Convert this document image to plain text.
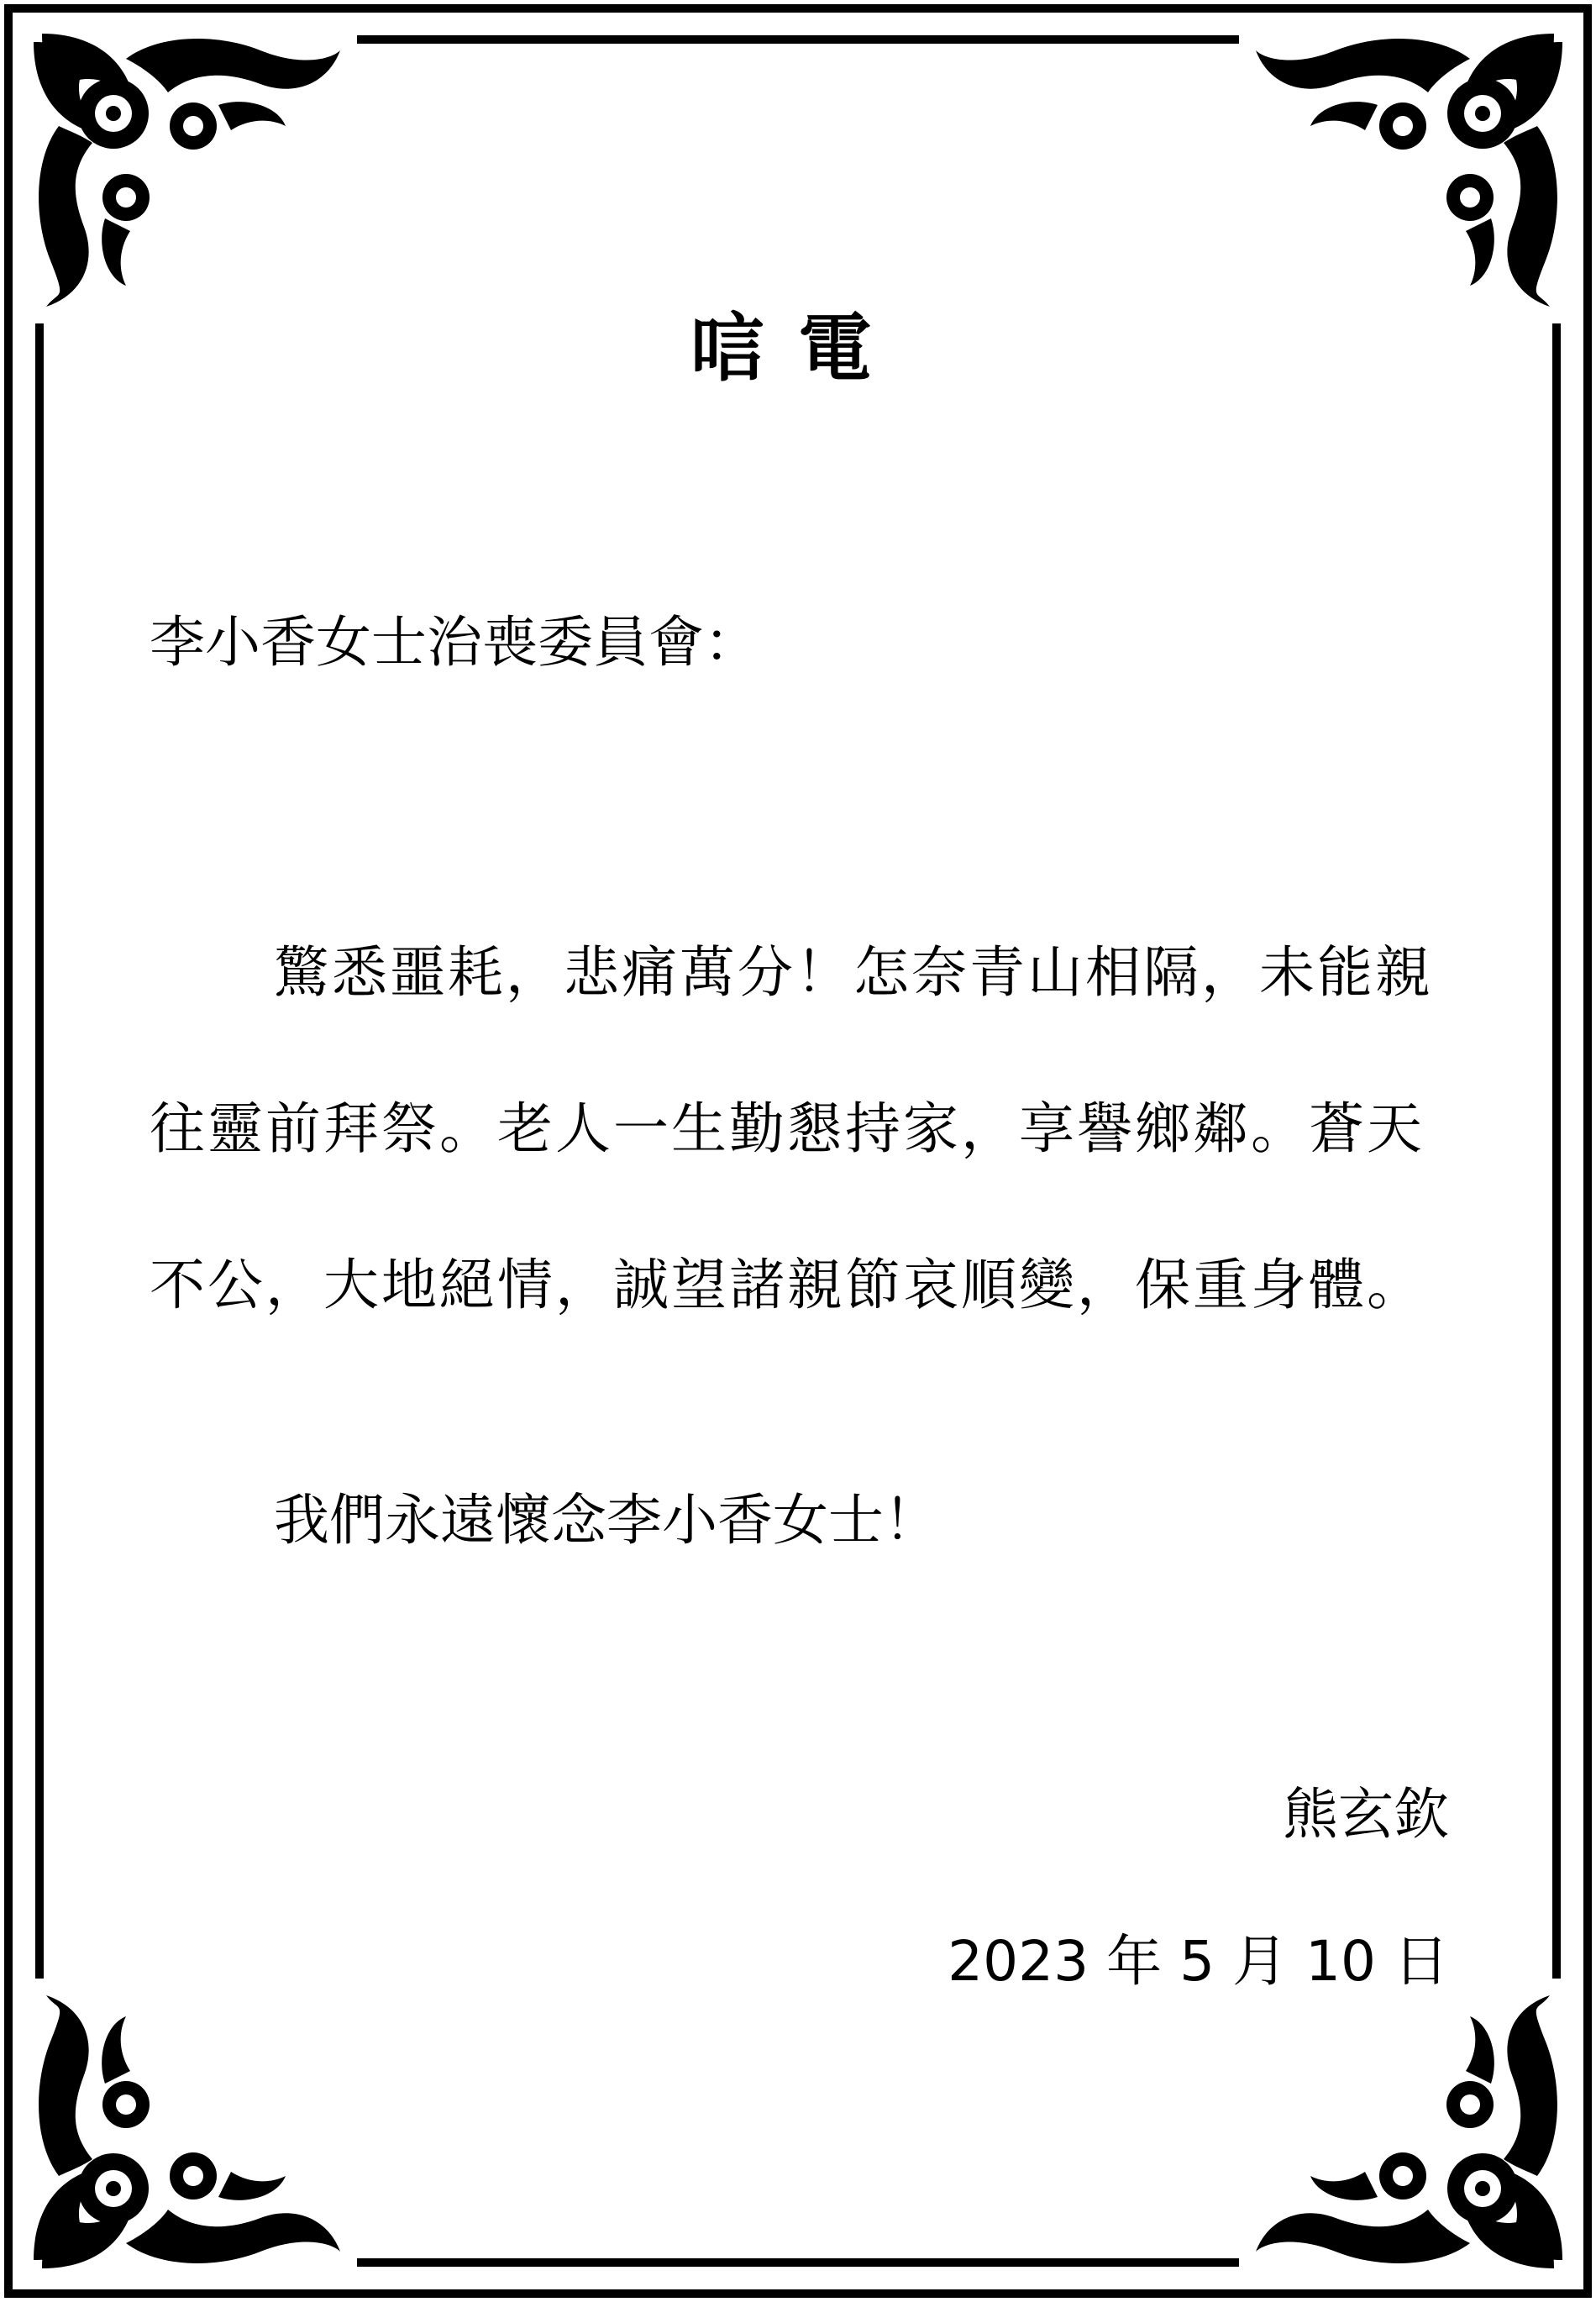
唁電
李小香女士治喪委員會：
驚悉噩耗，悲痛萬分！怎奈青山相隔，未能親往靈前拜祭。老人一生勤懇持家，享譽鄉鄰。蒼天不公，大地絕情，誠望諸親節哀順變，保重身體。
我們永遠懷念李小香女士！
熊玄欽
2023 年 5 月 10 日
